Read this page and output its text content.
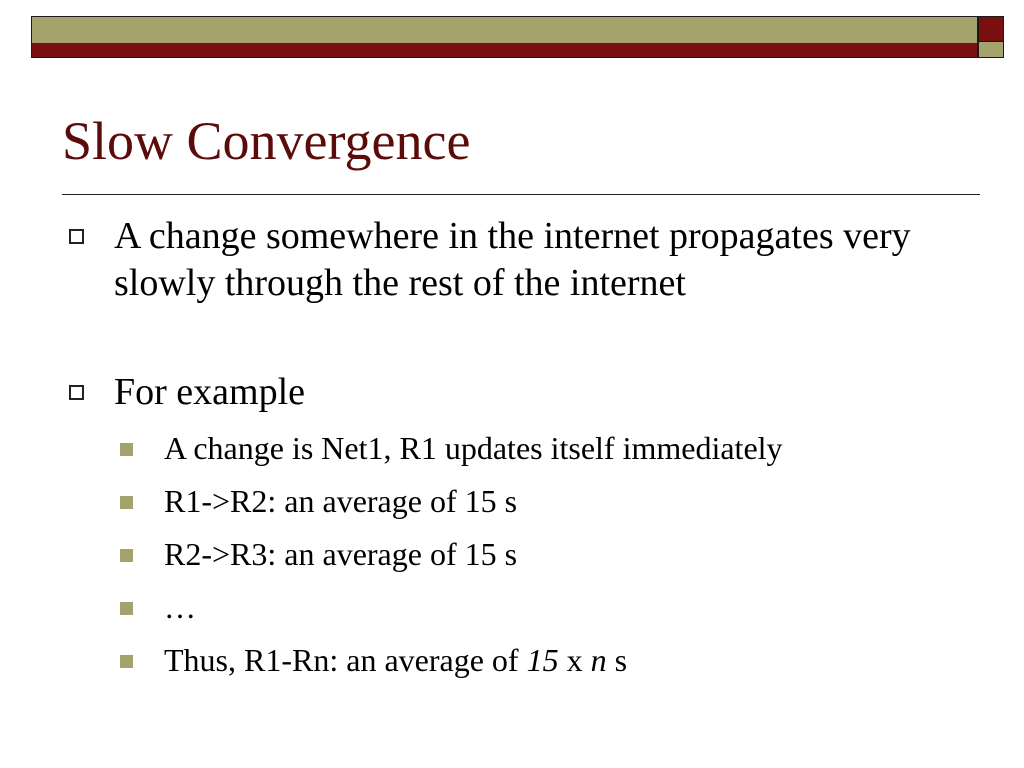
Slow Convergence
A change somewhere in the internet propagates very slowly through the rest of the internet
For example
A change is Net1, R1 updates itself immediately
R1->R2: an average of 15 s
R2->R3: an average of 15 s
…
Thus, R1-Rn: an average of 15 x n s
